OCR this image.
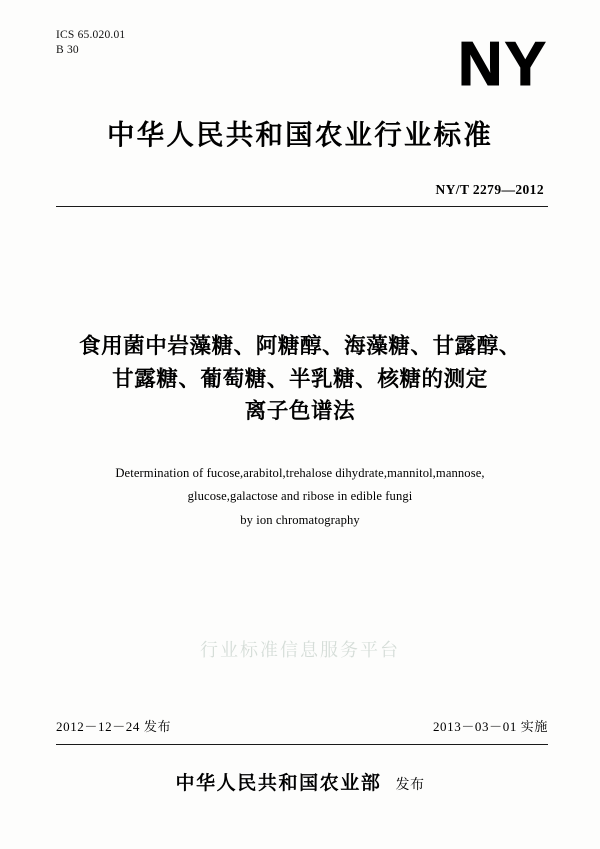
ICS 65.020.01
B 30	NY
中华人民共和国农业行业标准
NY/T 2279—2012
食用菌中岩藻糖、阿糖醇、海藻糖、甘露醇、
甘露糖、葡萄糖、半乳糖、核糖的测定
离子色谱法
Determination of fucose,arabitol,trehalose dihydrate,mannitol,mannose,
glucose,galactose and ribose in edible fungi
by ion chromatography
行业标准信息服务平台
2012－12－24 发布	2013－03－01 实施
中华人民共和国农业部 发布
